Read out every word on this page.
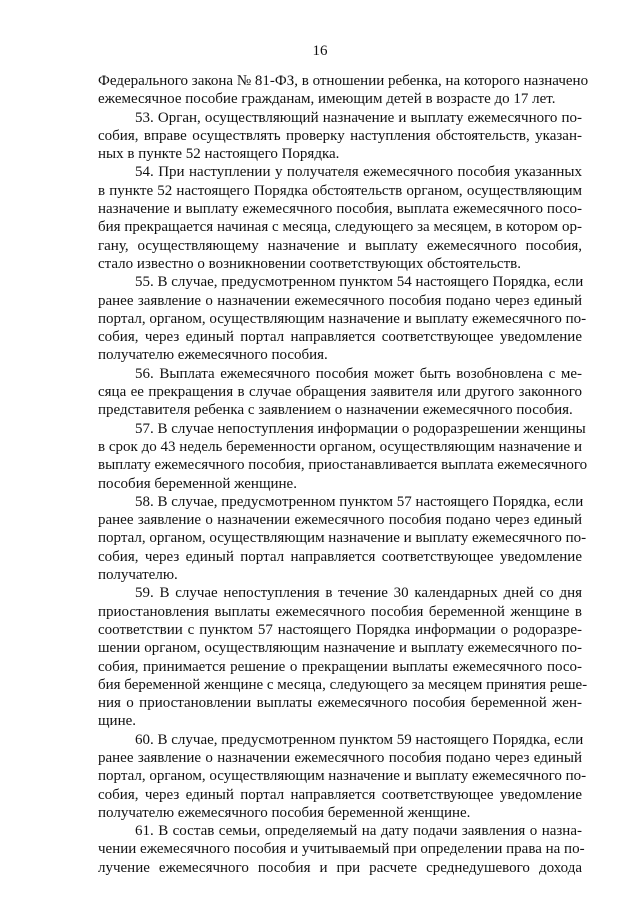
16
Федерального закона № 81-ФЗ, в отношении ребенка, на которого назначено
ежемесячное пособие гражданам, имеющим детей в возрасте до 17 лет.
53. Орган, осуществляющий назначение и выплату ежемесячного по-
собия, вправе осуществлять проверку наступления обстоятельств, указан-
ных в пункте 52 настоящего Порядка.
54. При наступлении у получателя ежемесячного пособия указанных
в пункте 52 настоящего Порядка обстоятельств органом, осуществляющим
назначение и выплату ежемесячного пособия, выплата ежемесячного посо-
бия прекращается начиная с месяца, следующего за месяцем, в котором ор-
гану, осуществляющему назначение и выплату ежемесячного пособия,
стало известно о возникновении соответствующих обстоятельств.
55. В случае, предусмотренном пунктом 54 настоящего Порядка, если
ранее заявление о назначении ежемесячного пособия подано через единый
портал, органом, осуществляющим назначение и выплату ежемесячного по-
собия, через единый портал направляется соответствующее уведомление
получателю ежемесячного пособия.
56. Выплата ежемесячного пособия может быть возобновлена с ме-
сяца ее прекращения в случае обращения заявителя или другого законного
представителя ребенка с заявлением о назначении ежемесячного пособия.
57. В случае непоступления информации о родоразрешении женщины
в срок до 43 недель беременности органом, осуществляющим назначение и
выплату ежемесячного пособия, приостанавливается выплата ежемесячного
пособия беременной женщине.
58. В случае, предусмотренном пунктом 57 настоящего Порядка, если
ранее заявление о назначении ежемесячного пособия подано через единый
портал, органом, осуществляющим назначение и выплату ежемесячного по-
собия, через единый портал направляется соответствующее уведомление
получателю.
59. В случае непоступления в течение 30 календарных дней со дня
приостановления выплаты ежемесячного пособия беременной женщине в
соответствии с пунктом 57 настоящего Порядка информации о родоразре-
шении органом, осуществляющим назначение и выплату ежемесячного по-
собия, принимается решение о прекращении выплаты ежемесячного посо-
бия беременной женщине с месяца, следующего за месяцем принятия реше-
ния о приостановлении выплаты ежемесячного пособия беременной жен-
щине.
60. В случае, предусмотренном пунктом 59 настоящего Порядка, если
ранее заявление о назначении ежемесячного пособия подано через единый
портал, органом, осуществляющим назначение и выплату ежемесячного по-
собия, через единый портал направляется соответствующее уведомление
получателю ежемесячного пособия беременной женщине.
61. В состав семьи, определяемый на дату подачи заявления о назна-
чении ежемесячного пособия и учитываемый при определении права на по-
лучение ежемесячного пособия и при расчете среднедушевого дохода
